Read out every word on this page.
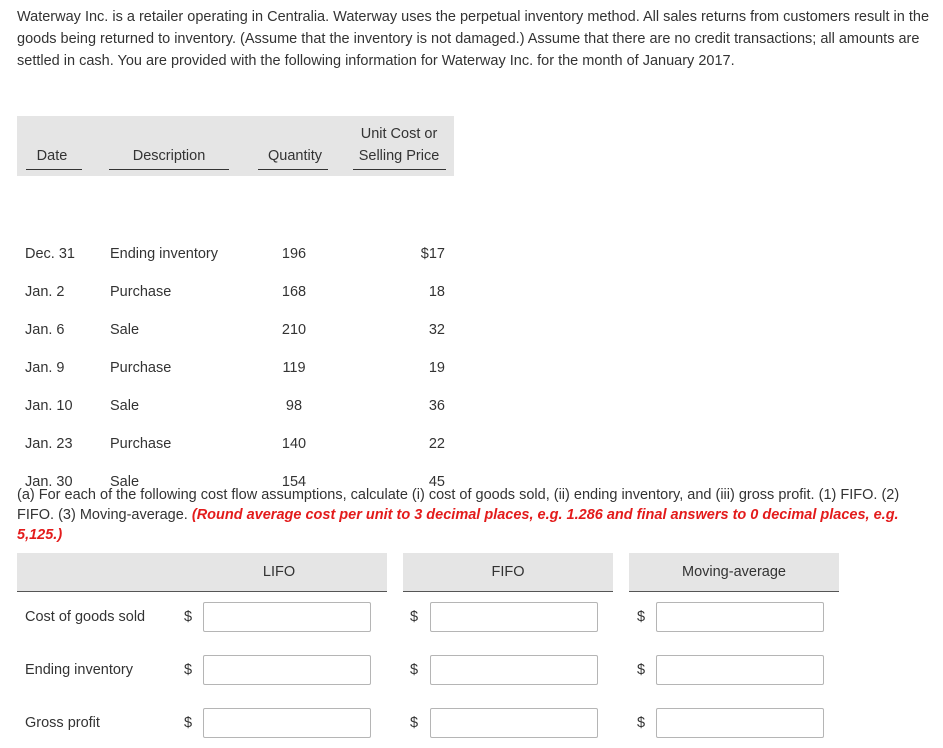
Waterway Inc. is a retailer operating in Centralia. Waterway uses the perpetual inventory method. All sales returns from customers result in the goods being returned to inventory. (Assume that the inventory is not damaged.) Assume that there are no credit transactions; all amounts are settled in cash. You are provided with the following information for Waterway Inc. for the month of January 2017.
Date	Description	Quantity
Unit Cost or
Selling Price
Dec. 31 Ending inventory	196	$17
Jan. 2	Purchase	168	18
Jan. 6	Sale	210	32
Jan. 9	Purchase	119	19
Jan. 10	Sale	98	36
Jan. 23	Purchase	140	22
Jan. 30	Sale	154	45
(a) For each of the following cost flow assumptions, calculate (i) cost of goods sold, (ii) ending inventory, and (iii) gross profit. (1) FIFO. (2) FIFO. (3) Moving-average. (Round average cost per unit to 3 decimal places, e.g. 1.286 and final answers to 0 decimal places, e.g. 5,125.)
LIFO	FIFO	Moving-average
Cost of goods sold	$	$	$
Ending inventory	$	$	$
Gross profit	$	$	$
